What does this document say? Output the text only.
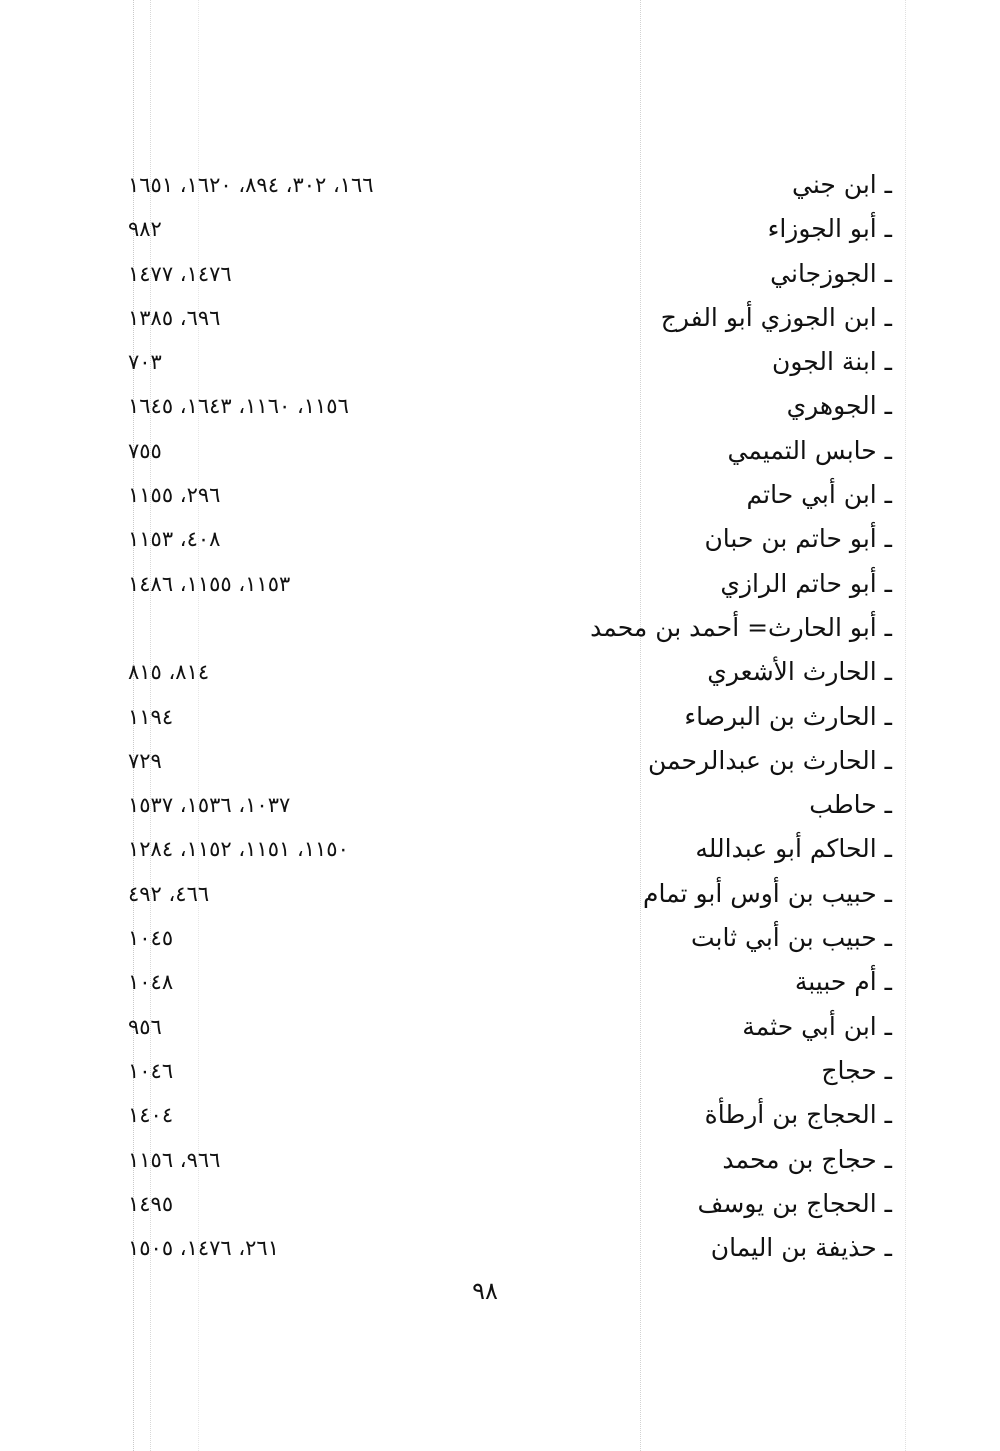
ـ ابن جني
١٦٦، ٣٠٢، ٨٩٤، ١٦٢٠، ١٦٥١
ـ أبو الجوزاء
٩٨٢
ـ الجوزجاني
١٤٧٦، ١٤٧٧
ـ ابن الجوزي أبو الفرج
٦٩٦، ١٣٨٥
ـ ابنة الجون
٧٠٣
ـ الجوهري
١١٥٦، ١١٦٠، ١٦٤٣، ١٦٤٥
ـ حابس التميمي
٧٥٥
ـ ابن أبي حاتم
٢٩٦، ١١٥٥
ـ أبو حاتم بن حبان
٤٠٨، ١١٥٣
ـ أبو حاتم الرازي
١١٥٣، ١١٥٥، ١٤٨٦
ـ أبو الحارث= أحمد بن محمد
ـ الحارث الأشعري
٨١٤، ٨١٥
ـ الحارث بن البرصاء
١١٩٤
ـ الحارث بن عبدالرحمن
٧٢٩
ـ حاطب
١٠٣٧، ١٥٣٦، ١٥٣٧
ـ الحاكم أبو عبدالله
١١٥٠، ١١٥١، ١١٥٢، ١٢٨٤
ـ حبيب بن أوس أبو تمام
٤٦٦، ٤٩٢
ـ حبيب بن أبي ثابت
١٠٤٥
ـ أم حبيبة
١٠٤٨
ـ ابن أبي حثمة
٩٥٦
ـ حجاج
١٠٤٦
ـ الحجاج بن أرطأة
١٤٠٤
ـ حجاج بن محمد
٩٦٦، ١١٥٦
ـ الحجاج بن يوسف
١٤٩٥
ـ حذيفة بن اليمان
٢٦١، ١٤٧٦، ١٥٠٥
٩٨
